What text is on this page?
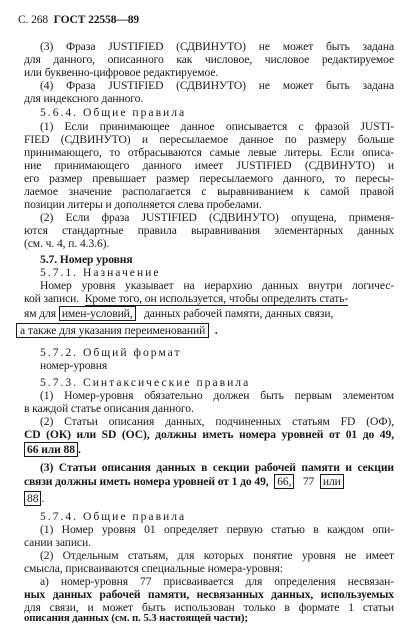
С. 268 ГОСТ 22558—89
(3) Фраза JUSTIFIED (СДВИНУТО) не может быть задана
для данного, описанного как числовое, числовое редактируемое
или буквенно-цифровое редактируемое.
(4) Фраза JUSTIFIED (СДВИНУТО) не может быть задана
для индексного данного.
5.6.4. Общие правила
(1) Если принимающее данное описывается с фразой JUSTI-
FIED (СДВИНУТО) и пересылаемое данное по размеру больше
принимающего, то отбрасываются самые левые литеры. Если описа-
ние принимающего данного имеет JUSTIFIED (СДВИНУТО) и
его размер превышает размер пересылаемого данного, то пересы-
лаемое значение располагается с выравниванием к самой правой
позиции литеры и дополняется слева пробелами.
(2) Если фраза JUSTIFIED (СДВИНУТО) опущена, применя-
ются стандартные правила выравнивания элементарных данных
(см. ч. 4, п. 4.3.6).
5.7. Номер уровня
5.7.1. Назначение
Номер уровня указывает на иерархию данных внутри логичес-
кой записи. Кроме того, он используется, чтобы определить стать-
ям для имен-условий, данных рабочей памяти, данных связи,
а также для указания переименований .
5.7.2. Общий формат
номер-уровня
5.7.3. Синтаксические правила
(1) Номер-уровня обязательно должен быть первым элементом
в каждой статье описания данного.
(2) Статьи описания данных, подчиненных статьям FD (ОФ),
CD (ОК) или SD (ОС), должны иметь номера уровней от 01 до 49,
66 или 88 .
(3) Статьи описания данных в секции рабочей памяти и секции
связи должны иметь номера уровней от 1 до 49, 66, 77 или
88 .
5.7.4. Общие правила
(1) Номер уровня 01 определяет первую статью в каждом опи-
сании записи.
(2) Отдельным статьям, для которых понятие уровня не имеет
смысла, присваиваются специальные номера-уровня:
а) номер-уровня 77 присваивается для определения несвязан-
ных данных рабочей памяти, несвязанных данных, используемых
для связи, и может быть использован только в формате 1 статьи
описания данных (см. п. 5.3 настоящей части);
